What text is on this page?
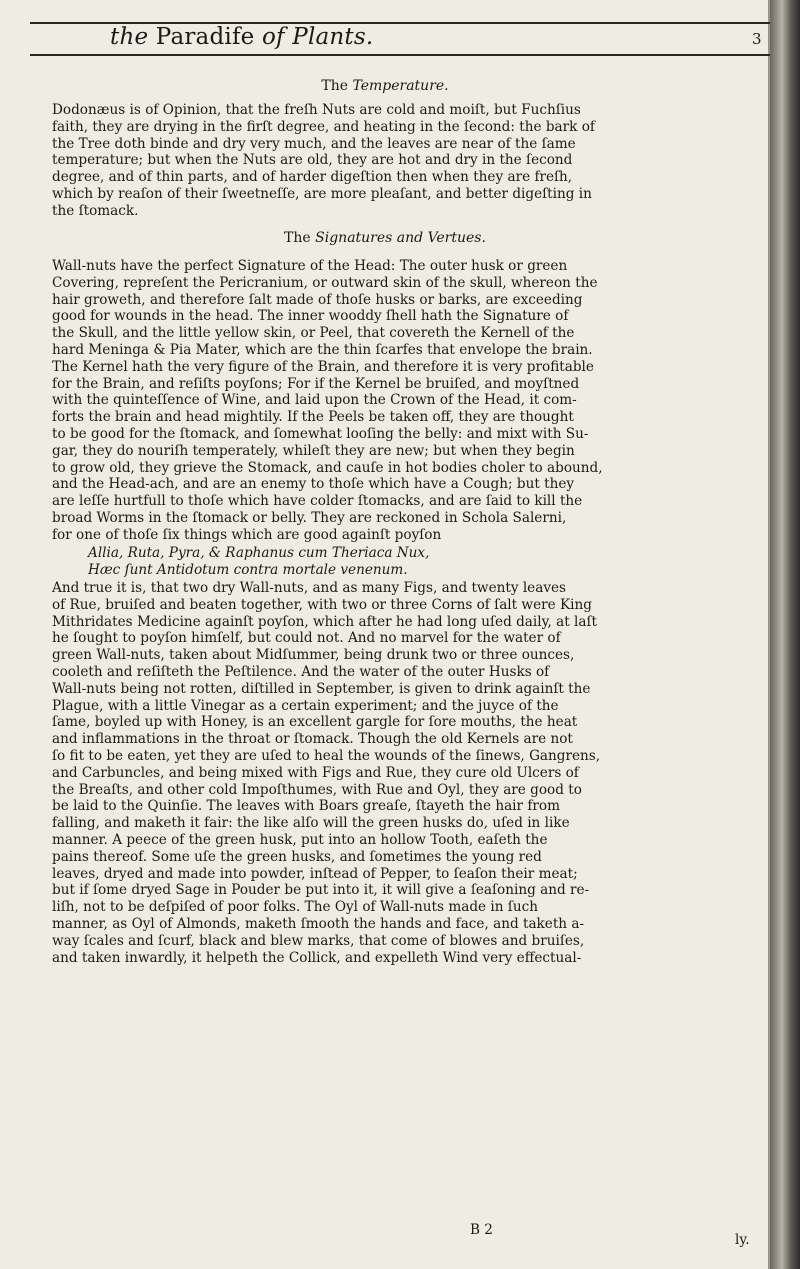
the Paradife of Plants.	3
The Temperature.
Dodonæus is of Opinion, that the freſh Nuts are cold and moiſt, but Fuchſius
faith, they are drying in the firſt degree, and heating in the ſecond: the bark of
the Tree doth binde and dry very much, and the leaves are near of the ſame
temperature; but when the Nuts are old, they are hot and dry in the ſecond
degree, and of thin parts, and of harder digeſtion then when they are freſh,
which by reaſon of their ſweetneſſe, are more pleaſant, and better digeſting in
the ſtomack.
The Signatures and Vertues.
Wall-nuts have the perfect Signature of the Head: The outer husk or green
Covering, repreſent the Pericranium, or outward skin of the skull, whereon the
hair groweth, and therefore ſalt made of thoſe husks or barks, are exceeding
good for wounds in the head. The inner wooddy ſhell hath the Signature of
the Skull, and the little yellow skin, or Peel, that covereth the Kernell of the
hard Meninga & Pia Mater, which are the thin ſcarfes that envelope the brain.
The Kernel hath the very figure of the Brain, and therefore it is very profitable
for the Brain, and reſiſts poyſons; For if the Kernel be bruiſed, and moyſtned
with the quinteſſence of Wine, and laid upon the Crown of the Head, it com-
forts the brain and head mightily. If the Peels be taken off, they are thought
to be good for the ſtomack, and ſomewhat looſing the belly: and mixt with Su-
gar, they do nouriſh temperately, whileſt they are new; but when they begin
to grow old, they grieve the Stomack, and cauſe in hot bodies choler to abound,
and the Head-ach, and are an enemy to thoſe which have a Cough; but they
are leſſe hurtfull to thoſe which have colder ſtomacks, and are ſaid to kill the
broad Worms in the ſtomack or belly. They are reckoned in Schola Salerni,
for one of thoſe ſix things which are good againſt poyſon
Allia, Ruta, Pyra, & Raphanus cum Theriaca Nux,
Hæc ſunt Antidotum contra mortale venenum.
And true it is, that two dry Wall-nuts, and as many Figs, and twenty leaves
of Rue, bruiſed and beaten together, with two or three Corns of ſalt were King
Mithridates Medicine againſt poyſon, which after he had long uſed daily, at laſt
he ſought to poyſon himſelf, but could not. And no marvel for the water of
green Wall-nuts, taken about Midſummer, being drunk two or three ounces,
cooleth and reſiſteth the Peſtilence. And the water of the outer Husks of
Wall-nuts being not rotten, diſtilled in September, is given to drink againſt the
Plague, with a little Vinegar as a certain experiment; and the juyce of the
ſame, boyled up with Honey, is an excellent gargle for ſore mouths, the heat
and inflammations in the throat or ſtomack. Though the old Kernels are not
ſo fit to be eaten, yet they are uſed to heal the wounds of the ſinews, Gangrens,
and Carbuncles, and being mixed with Figs and Rue, they cure old Ulcers of
the Breaſts, and other cold Impoſthumes, with Rue and Oyl, they are good to
be laid to the Quinſie. The leaves with Boars greaſe, ſtayeth the hair from
falling, and maketh it fair: the like alſo will the green husks do, uſed in like
manner. A peece of the green husk, put into an hollow Tooth, eaſeth the
pains thereof. Some uſe the green husks, and ſometimes the young red
leaves, dryed and made into powder, inſtead of Pepper, to ſeaſon their meat;
but if ſome dryed Sage in Pouder be put into it, it will give a ſeaſoning and re-
liſh, not to be deſpiſed of poor folks. The Oyl of Wall-nuts made in ſuch
manner, as Oyl of Almonds, maketh ſmooth the hands and face, and taketh a-
way ſcales and ſcurf, black and blew marks, that come of blowes and bruiſes,
and taken inwardly, it helpeth the Collick, and expelleth Wind very effectual-
B 2
ly.
